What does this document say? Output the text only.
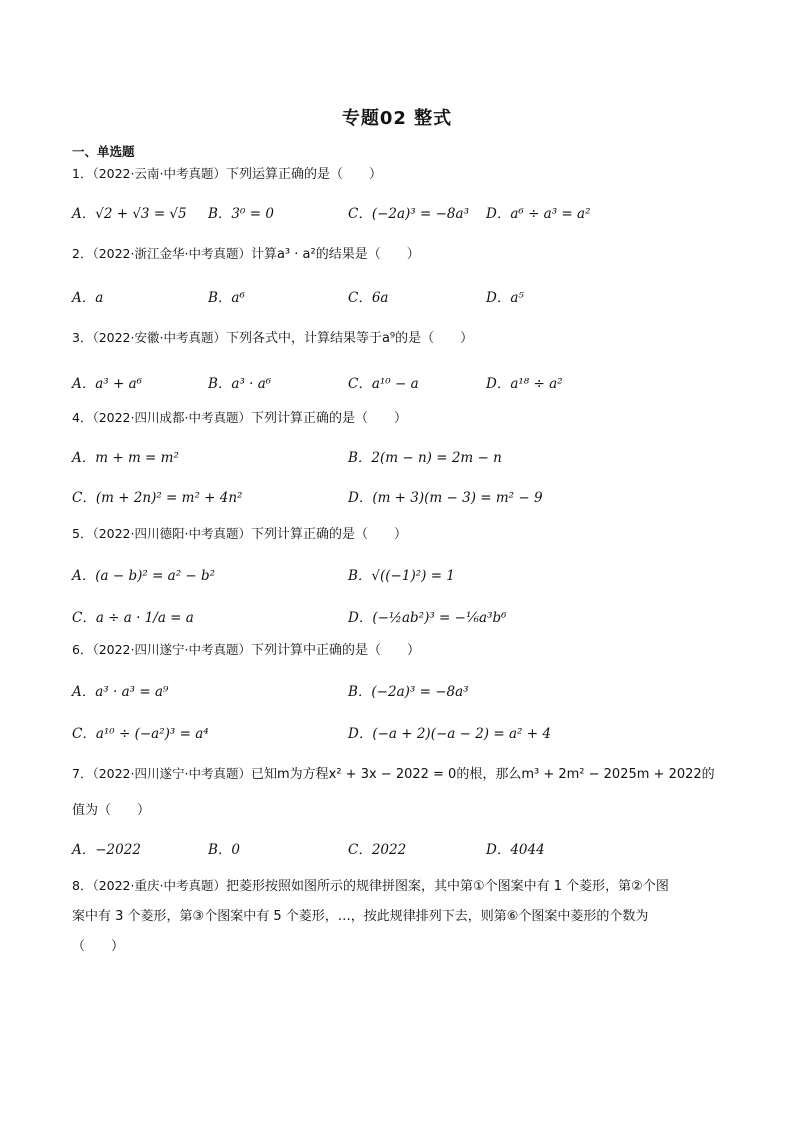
专题02 整式
一、单选题
1．（2022·云南·中考真题）下列运算正确的是（　　）
A．√2 + √3 = √5 B．3⁰ = 0	C．(−2a)³ = −8a³ D．a⁶ ÷ a³ = a²
2．（2022·浙江金华·中考真题）计算a³ · a²的结果是（　　）
A．a	B．a⁶	C．6a	D．a⁵
3．（2022·安徽·中考真题）下列各式中，计算结果等于a⁹的是（　　）
A．a³ + a⁶	B．a³ · a⁶	C．a¹⁰ − a	D．a¹⁸ ÷ a²
4．（2022·四川成都·中考真题）下列计算正确的是（　　）
A．m + m = m²	B．2(m − n) = 2m − n
C．(m + 2n)² = m² + 4n²	D．(m + 3)(m − 3) = m² − 9
5．（2022·四川德阳·中考真题）下列计算正确的是（　　）
A．(a − b)² = a² − b²	B．√((−1)²) = 1
C．a ÷ a · 1/a = a	D．(−½ab²)³ = −⅙a³b⁶
6．（2022·四川遂宁·中考真题）下列计算中正确的是（　　）
A．a³ · a³ = a⁹	B．(−2a)³ = −8a³
C．a¹⁰ ÷ (−a²)³ = a⁴	D．(−a + 2)(−a − 2) = a² + 4
7．（2022·四川遂宁·中考真题）已知m为方程x² + 3x − 2022 = 0的根，那么m³ + 2m² − 2025m + 2022的
值为（　　）
A．−2022	B．0	C．2022	D．4044
8．（2022·重庆·中考真题）把菱形按照如图所示的规律拼图案，其中第①个图案中有 1 个菱形，第②个图
案中有 3 个菱形，第③个图案中有 5 个菱形，…，按此规律排列下去，则第⑥个图案中菱形的个数为
（　　）
